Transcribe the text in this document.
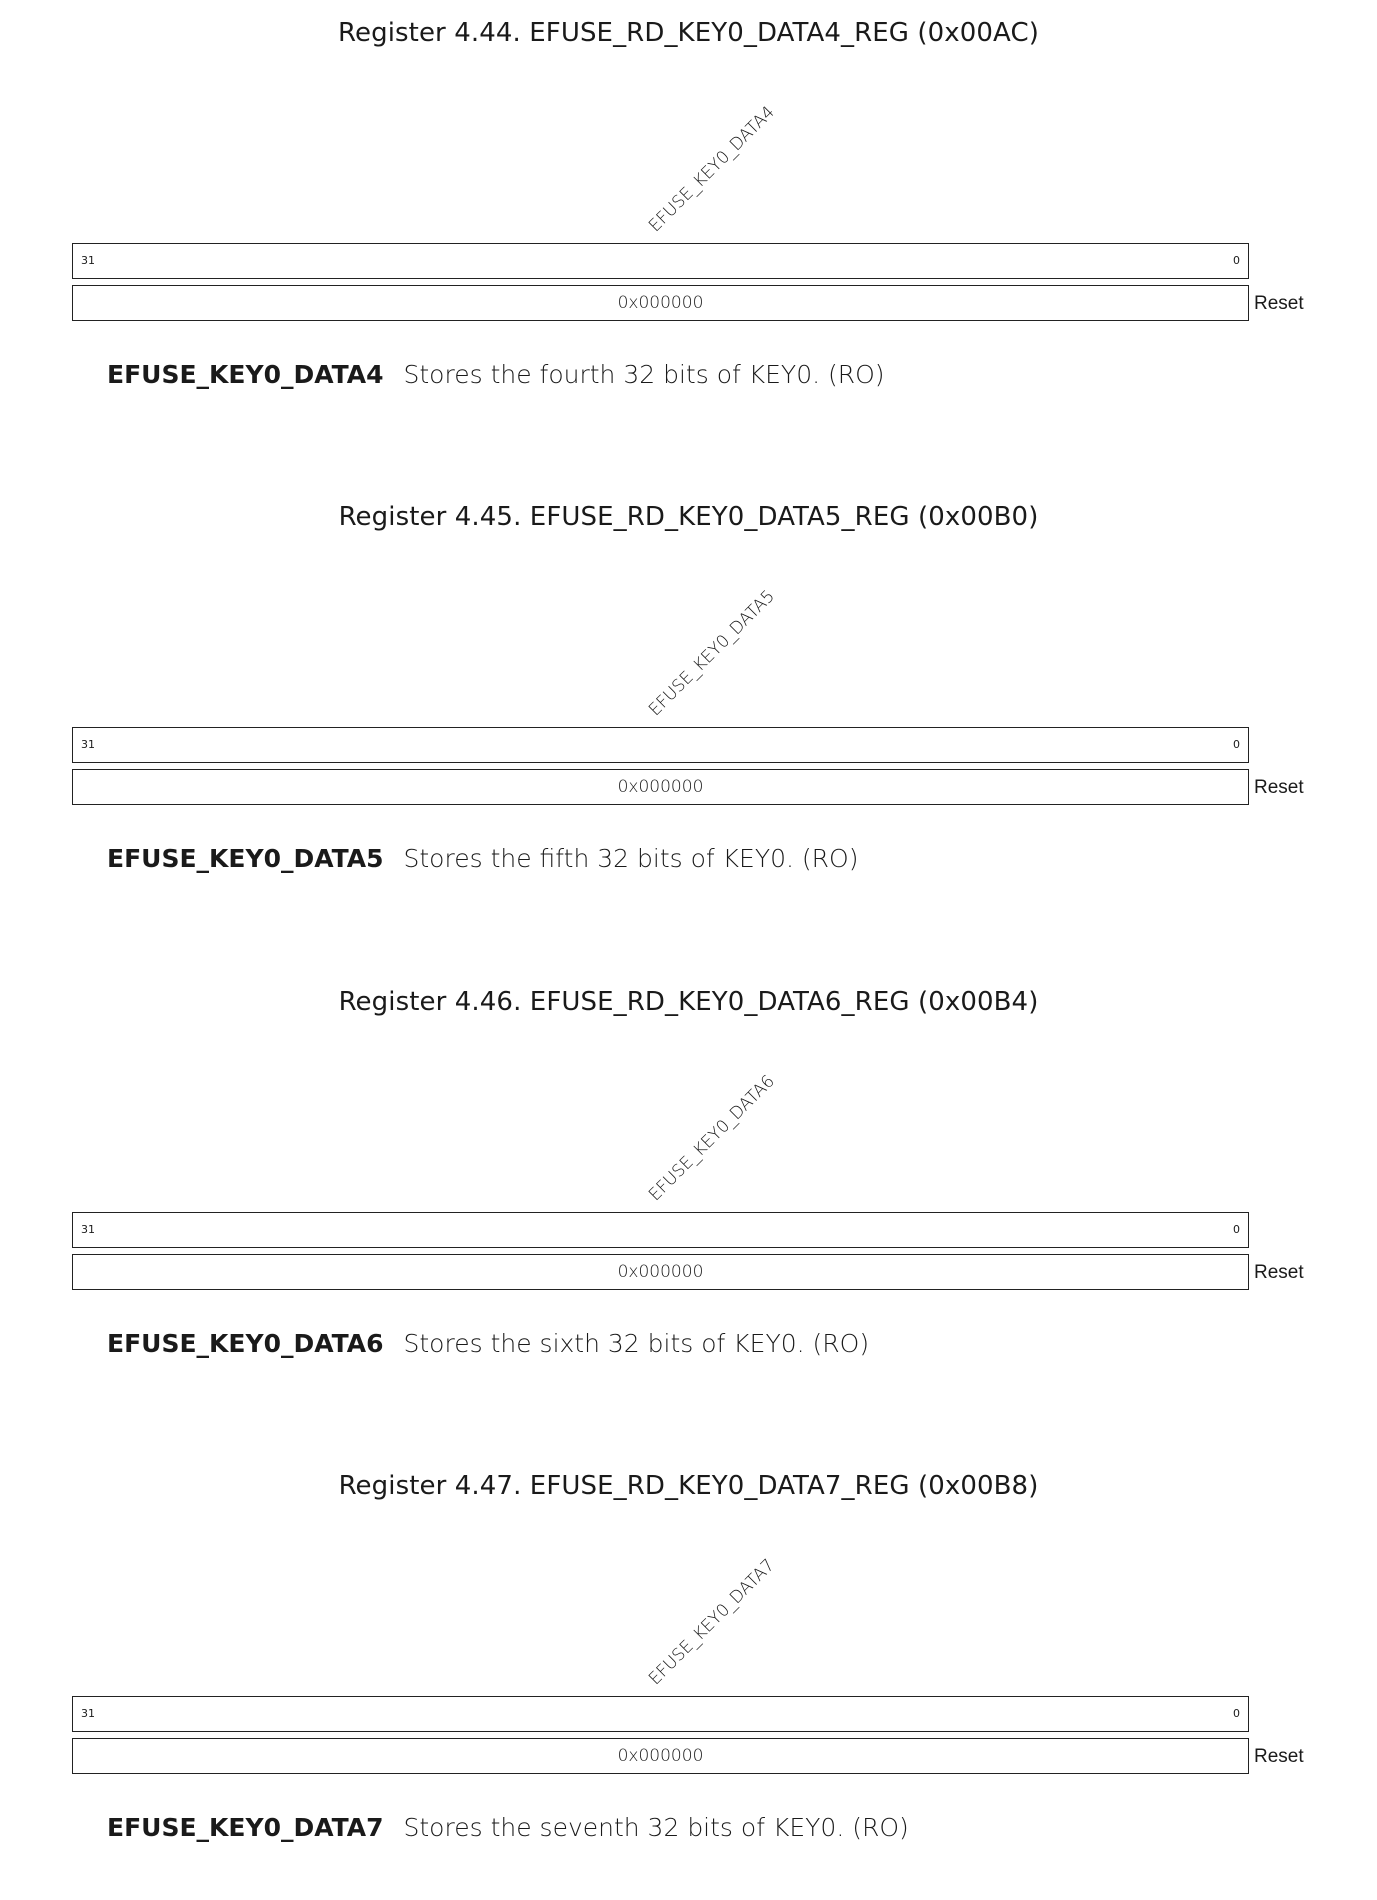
Register 4.44. EFUSE_RD_KEY0_DATA4_REG (0x00AC)
EFUSE_KEY0_DATA4
31	0
0x000000	Reset
EFUSE_KEY0_DATA4 Stores the fourth 32 bits of KEY0. (RO)
Register 4.45. EFUSE_RD_KEY0_DATA5_REG (0x00B0)
EFUSE_KEY0_DATA5
31	0
0x000000	Reset
EFUSE_KEY0_DATA5 Stores the fifth 32 bits of KEY0. (RO)
Register 4.46. EFUSE_RD_KEY0_DATA6_REG (0x00B4)
EFUSE_KEY0_DATA6
31	0
0x000000	Reset
EFUSE_KEY0_DATA6 Stores the sixth 32 bits of KEY0. (RO)
Register 4.47. EFUSE_RD_KEY0_DATA7_REG (0x00B8)
EFUSE_KEY0_DATA7
31	0
0x000000	Reset
EFUSE_KEY0_DATA7 Stores the seventh 32 bits of KEY0. (RO)
